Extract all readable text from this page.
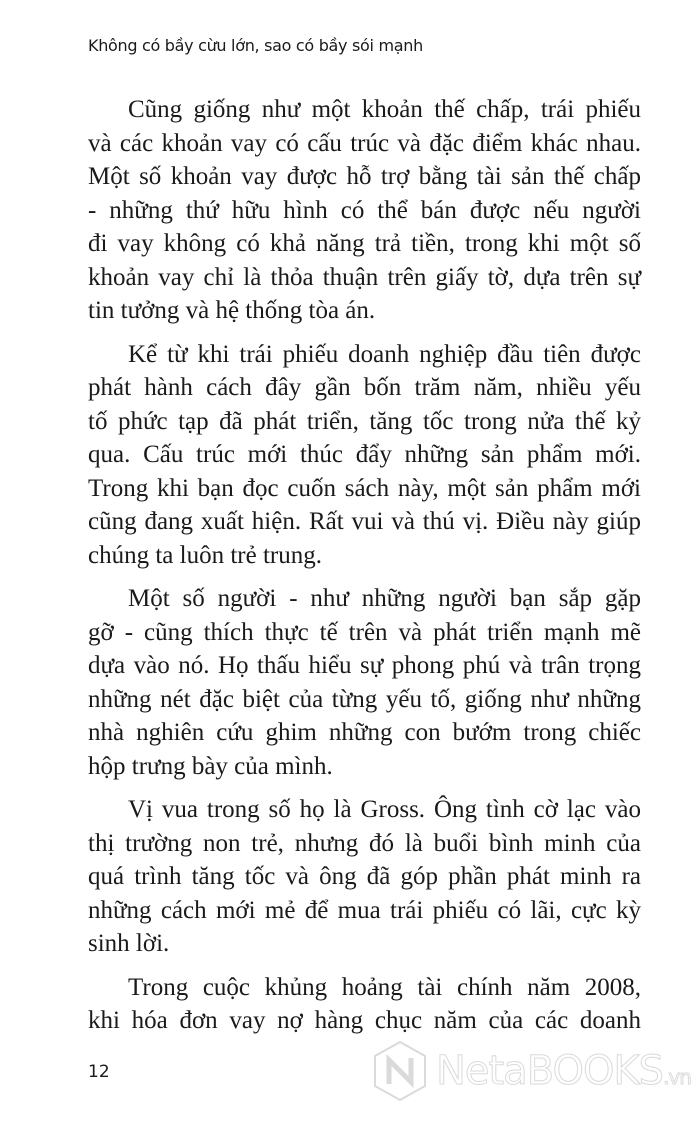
Không có bầy cừu lớn, sao có bầy sói mạnh
Cũng giống như một khoản thế chấp, trái phiếu
và các khoản vay có cấu trúc và đặc điểm khác nhau.
Một số khoản vay được hỗ trợ bằng tài sản thế chấp
- những thứ hữu hình có thể bán được nếu người
đi vay không có khả năng trả tiền, trong khi một số
khoản vay chỉ là thỏa thuận trên giấy tờ, dựa trên sự
tin tưởng và hệ thống tòa án.
Kể từ khi trái phiếu doanh nghiệp đầu tiên được
phát hành cách đây gần bốn trăm năm, nhiều yếu
tố phức tạp đã phát triển, tăng tốc trong nửa thế kỷ
qua. Cấu trúc mới thúc đẩy những sản phẩm mới.
Trong khi bạn đọc cuốn sách này, một sản phẩm mới
cũng đang xuất hiện. Rất vui và thú vị. Điều này giúp
chúng ta luôn trẻ trung.
Một số người - như những người bạn sắp gặp
gỡ - cũng thích thực tế trên và phát triển mạnh mẽ
dựa vào nó. Họ thấu hiểu sự phong phú và trân trọng
những nét đặc biệt của từng yếu tố, giống như những
nhà nghiên cứu ghim những con bướm trong chiếc
hộp trưng bày của mình.
Vị vua trong số họ là Gross. Ông tình cờ lạc vào
thị trường non trẻ, nhưng đó là buổi bình minh của
quá trình tăng tốc và ông đã góp phần phát minh ra
những cách mới mẻ để mua trái phiếu có lãi, cực kỳ
sinh lời.
Trong cuộc khủng hoảng tài chính năm 2008,
khi hóa đơn vay nợ hàng chục năm của các doanh
12	NetaBOOKS.vn
